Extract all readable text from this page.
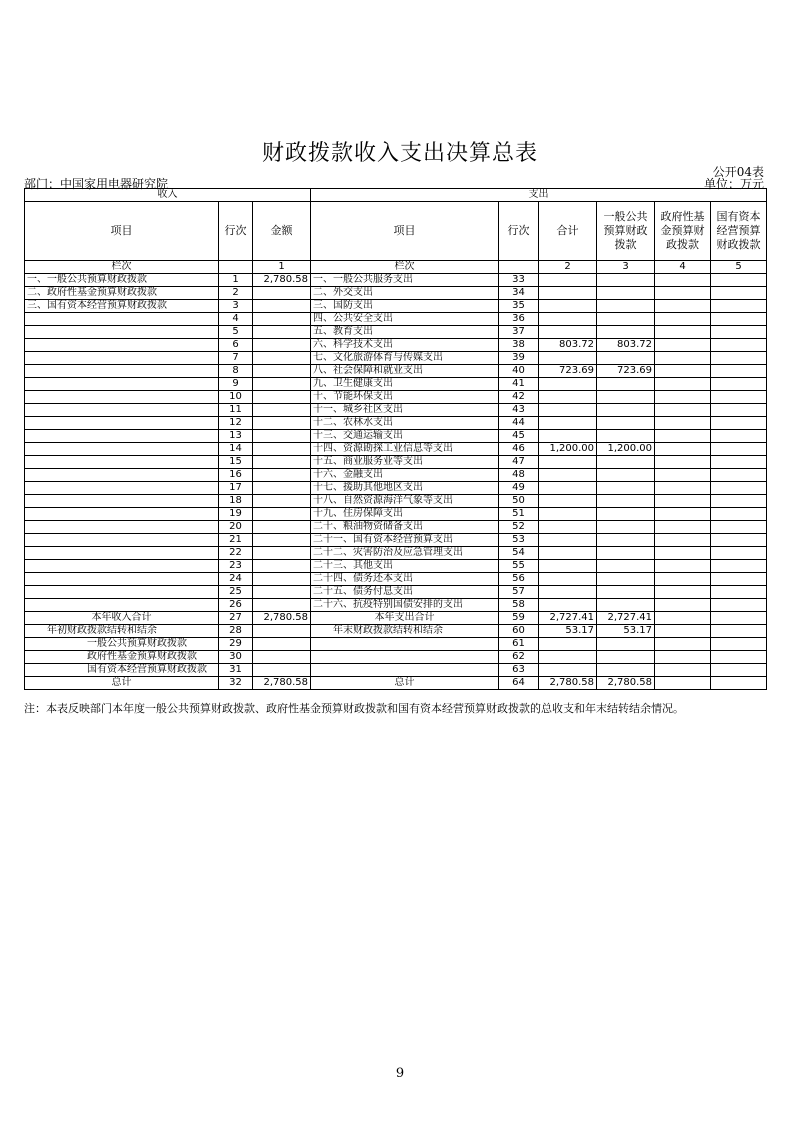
财政拨款收入支出决算总表
公开04表
部门：中国家用电器研究院	单位：万元
收入			支出					
项目	行次	金额	项目	行次	合计	一般公共预算财政拨款	政府性基金预算财政拨款	国有资本经营预算财政拨款
栏次		1	栏次		2	3	4	5
一、一般公共预算财政拨款	1	2,780.58	一、一般公共服务支出	33				
二、政府性基金预算财政拨款	2		二、外交支出	34				
三、国有资本经营预算财政拨款	3		三、国防支出	35				
	4		四、公共安全支出	36				
	5		五、教育支出	37				
	6		六、科学技术支出	38	803.72	803.72		
	7		七、文化旅游体育与传媒支出	39				
	8		八、社会保障和就业支出	40	723.69	723.69		
	9		九、卫生健康支出	41				
	10		十、节能环保支出	42				
	11		十一、城乡社区支出	43				
	12		十二、农林水支出	44				
	13		十三、交通运输支出	45				
	14		十四、资源勘探工业信息等支出	46	1,200.00	1,200.00		
	15		十五、商业服务业等支出	47				
	16		十六、金融支出	48				
	17		十七、援助其他地区支出	49				
	18		十八、自然资源海洋气象等支出	50				
	19		十九、住房保障支出	51				
	20		二十、粮油物资储备支出	52				
	21		二十一、国有资本经营预算支出	53				
	22		二十二、灾害防治及应急管理支出	54				
	23		二十三、其他支出	55				
	24		二十四、债务还本支出	56				
	25		二十五、债务付息支出	57				
	26		二十六、抗疫特别国债安排的支出	58				
本年收入合计	27	2,780.58	本年支出合计	59	2,727.41	2,727.41		
年初财政拨款结转和结余	28		年末财政拨款结转和结余	60	53.17	53.17		
一般公共预算财政拨款	29			61				
政府性基金预算财政拨款	30			62				
国有资本经营预算财政拨款	31			63				
总计	32	2,780.58	总计	64	2,780.58	2,780.58		
注：本表反映部门本年度一般公共预算财政拨款、政府性基金预算财政拨款和国有资本经营预算财政拨款的总收支和年末结转结余情况。
9
